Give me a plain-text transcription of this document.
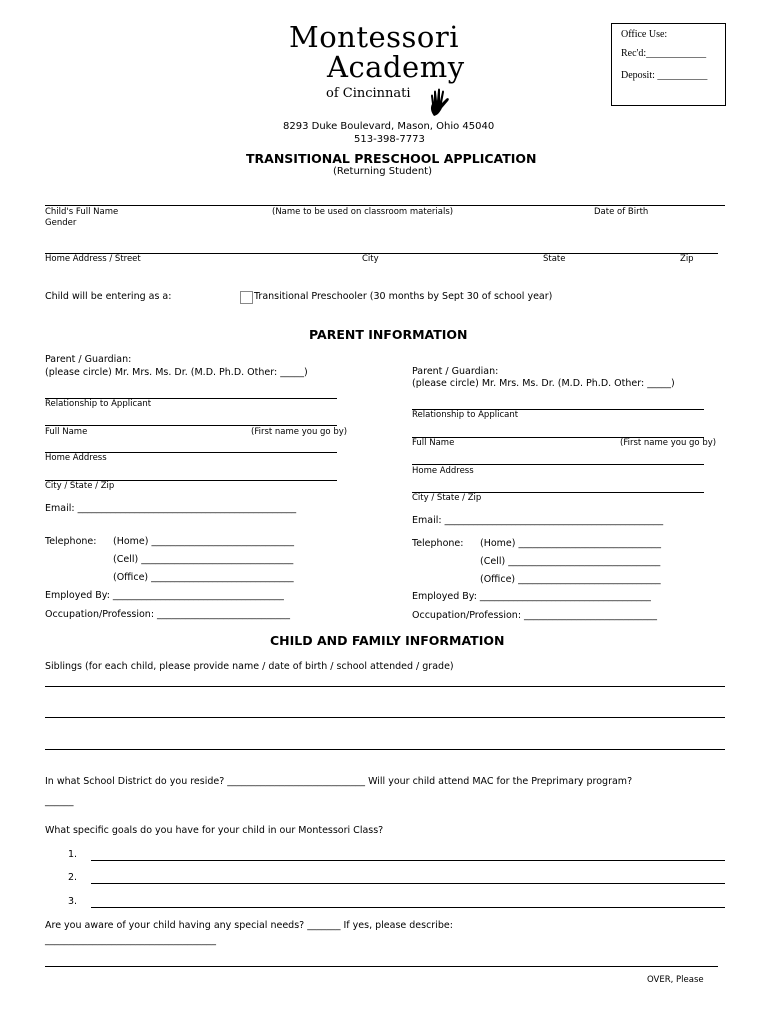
Montessori
Academy
of Cincinnati
Office Use:
Rec'd:____________
Deposit: __________
8293 Duke Boulevard, Mason, Ohio 45040
513-398-7773
TRANSITIONAL PRESCHOOL APPLICATION
(Returning Student)
Child's Full Name	(Name to be used on classroom materials)	Date of Birth
Gender
Home Address / Street	City	State	Zip
Child will be entering as a:	Transitional Preschooler (30 months by Sept 30 of school year)
PARENT INFORMATION
Parent / Guardian:
(please circle) Mr. Mrs. Ms. Dr. (M.D. Ph.D. Other: _____)
Relationship to Applicant
Full Name	(First name you go by)
Home Address
City / State / Zip
Email: ______________________________________________
Telephone: (Home) ______________________________
(Cell) ________________________________
(Office) ______________________________
Employed By: ____________________________________
Occupation/Profession: ____________________________
Parent / Guardian:
(please circle) Mr. Mrs. Ms. Dr. (M.D. Ph.D. Other: _____)
Relationship to Applicant
Full Name	(First name you go by)
Home Address
City / State / Zip
Email: ______________________________________________
Telephone: (Home) ______________________________
(Cell) ________________________________
(Office) ______________________________
Employed By: ____________________________________
Occupation/Profession: ____________________________
CHILD AND FAMILY INFORMATION
Siblings (for each child, please provide name / date of birth / school attended / grade)
In what School District do you reside? _____________________________ Will your child attend MAC for the Preprimary program?
______
What specific goals do you have for your child in our Montessori Class?
1.
2.
3.
Are you aware of your child having any special needs? _______ If yes, please describe:
____________________________________
OVER, Please
